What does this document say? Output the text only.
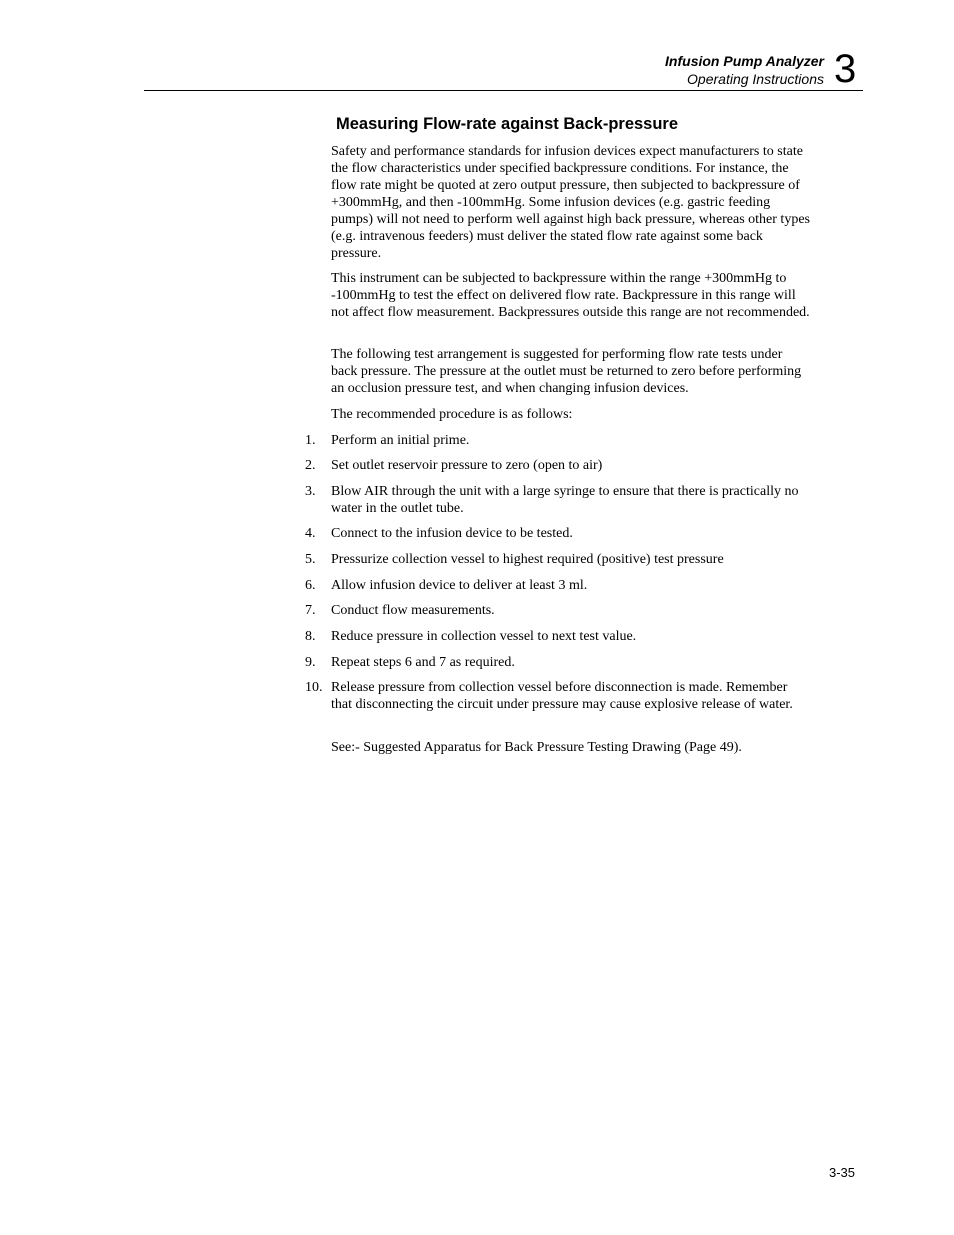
Infusion Pump Analyzer
Operating Instructions 3
Measuring Flow-rate against Back-pressure

Safety and performance standards for infusion devices expect manufacturers to state the flow characteristics under specified backpressure conditions. For instance, the flow rate might be quoted at zero output pressure, then subjected to backpressure of +300mmHg, and then -100mmHg. Some infusion devices (e.g. gastric feeding pumps) will not need to perform well against high back pressure, whereas other types (e.g. intravenous feeders) must deliver the stated flow rate against some back pressure.

This instrument can be subjected to backpressure within the range +300mmHg to -100mmHg to test the effect on delivered flow rate. Backpressure in this range will not affect flow measurement. Backpressures outside this range are not recommended.

The following test arrangement is suggested for performing flow rate tests under back pressure. The pressure at the outlet must be returned to zero before performing an occlusion pressure test, and when changing infusion devices.

The recommended procedure is as follows:

1. Perform an initial prime.
2. Set outlet reservoir pressure to zero (open to air)
3. Blow AIR through the unit with a large syringe to ensure that there is practically no water in the outlet tube.
4. Connect to the infusion device to be tested.
5. Pressurize collection vessel to highest required (positive) test pressure
6. Allow infusion device to deliver at least 3 ml.
7. Conduct flow measurements.
8. Reduce pressure in collection vessel to next test value.
9. Repeat steps 6 and 7 as required.
10. Release pressure from collection vessel before disconnection is made. Remember that disconnecting the circuit under pressure may cause explosive release of water.

See:- Suggested Apparatus for Back Pressure Testing Drawing (Page 49).

3-35
